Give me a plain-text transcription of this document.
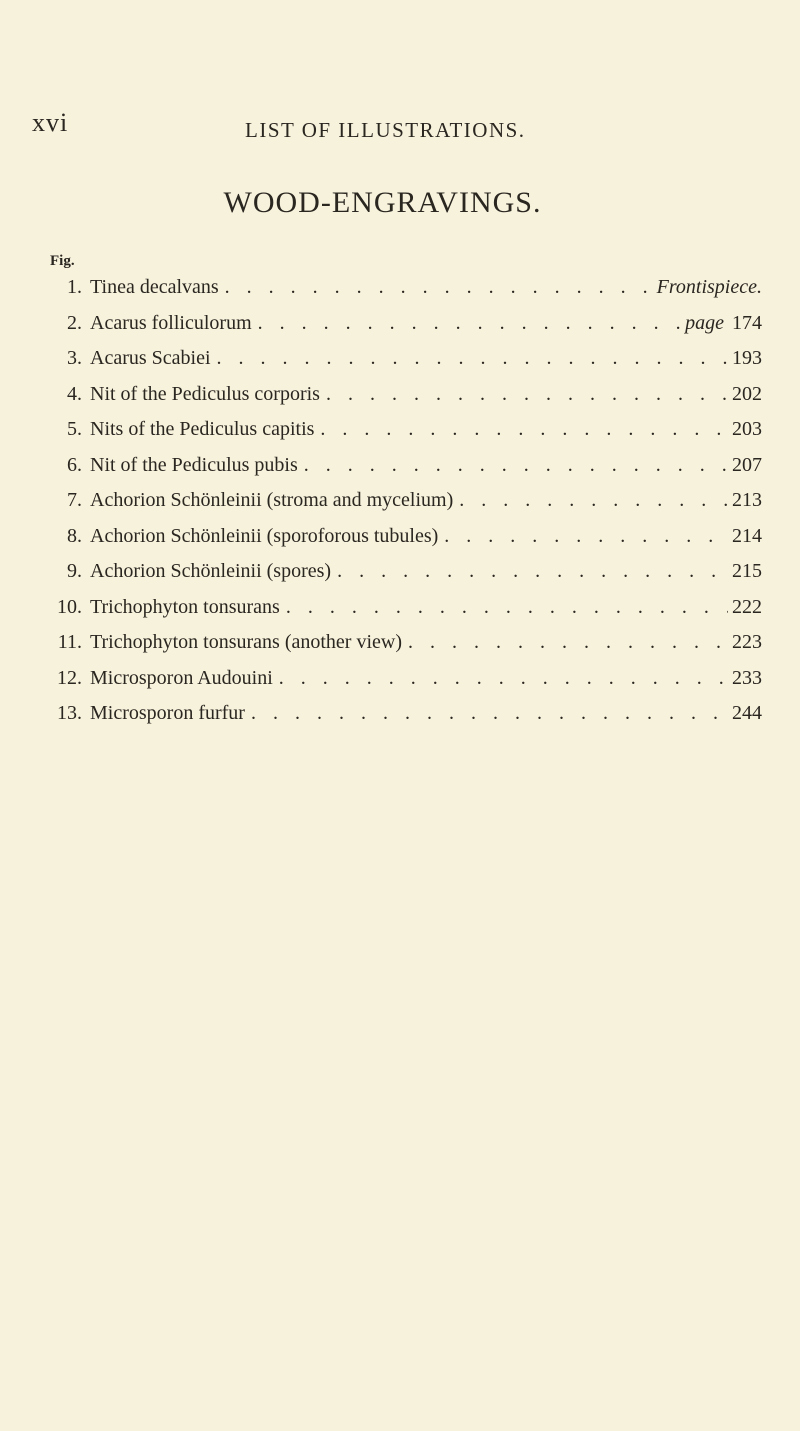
xvi	LIST OF ILLUSTRATIONS.
WOOD-ENGRAVINGS.
Fig.
1. Tinea decalvans . . .	Frontispiece.
2. Acarus folliculorum . . .	page 174
3. Acarus Scabiei . . .	193
4. Nit of the Pediculus corporis . . .	202
5. Nits of the Pediculus capitis . . .	203
6. Nit of the Pediculus pubis . . .	207
7. Achorion Schönleinii (stroma and mycelium) . . .	213
8. Achorion Schönleinii (sporoforous tubules) . . .	214
9. Achorion Schönleinii (spores) . . .	215
10. Trichophyton tonsurans . . .	222
11. Trichophyton tonsurans (another view) . . .	223
12. Microsporon Audouini . . .	233
13. Microsporon furfur . . .	244
